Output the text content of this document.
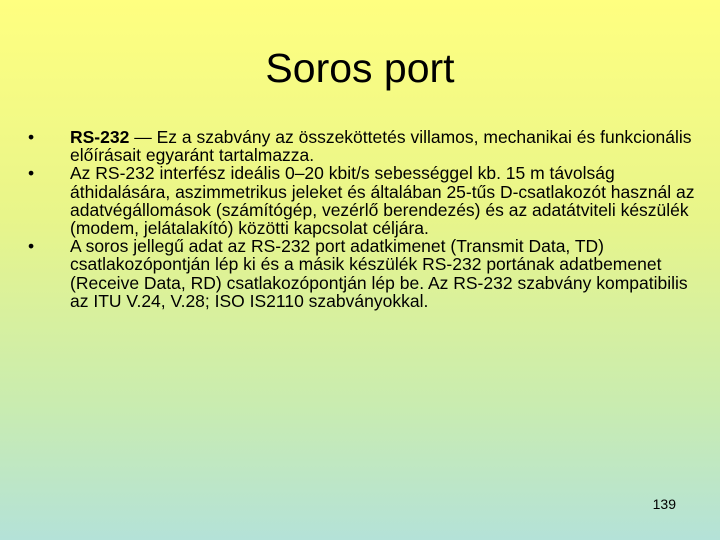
Soros port
•	RS-232 — Ez a szabvány az összeköttetés villamos, mechanikai és funkcionális előírásait egyaránt tartalmazza.
•	Az RS-232 interfész ideális 0–20 kbit/s sebességgel kb. 15 m távolság áthidalására, aszimmetrikus jeleket és általában 25-tűs D-csatlakozót használ az adatvégállomások (számítógép, vezérlő berendezés) és az adatátviteli készülék (modem, jelátalakító) közötti kapcsolat céljára.
•	A soros jellegű adat az RS-232 port adatkimenet (Transmit Data, TD) csatlakozópontján lép ki és a másik készülék RS-232 portának adatbemenet (Receive Data, RD) csatlakozópontján lép be. Az RS-232 szabvány kompatibilis az ITU V.24, V.28; ISO IS2110 szabványokkal.
139
